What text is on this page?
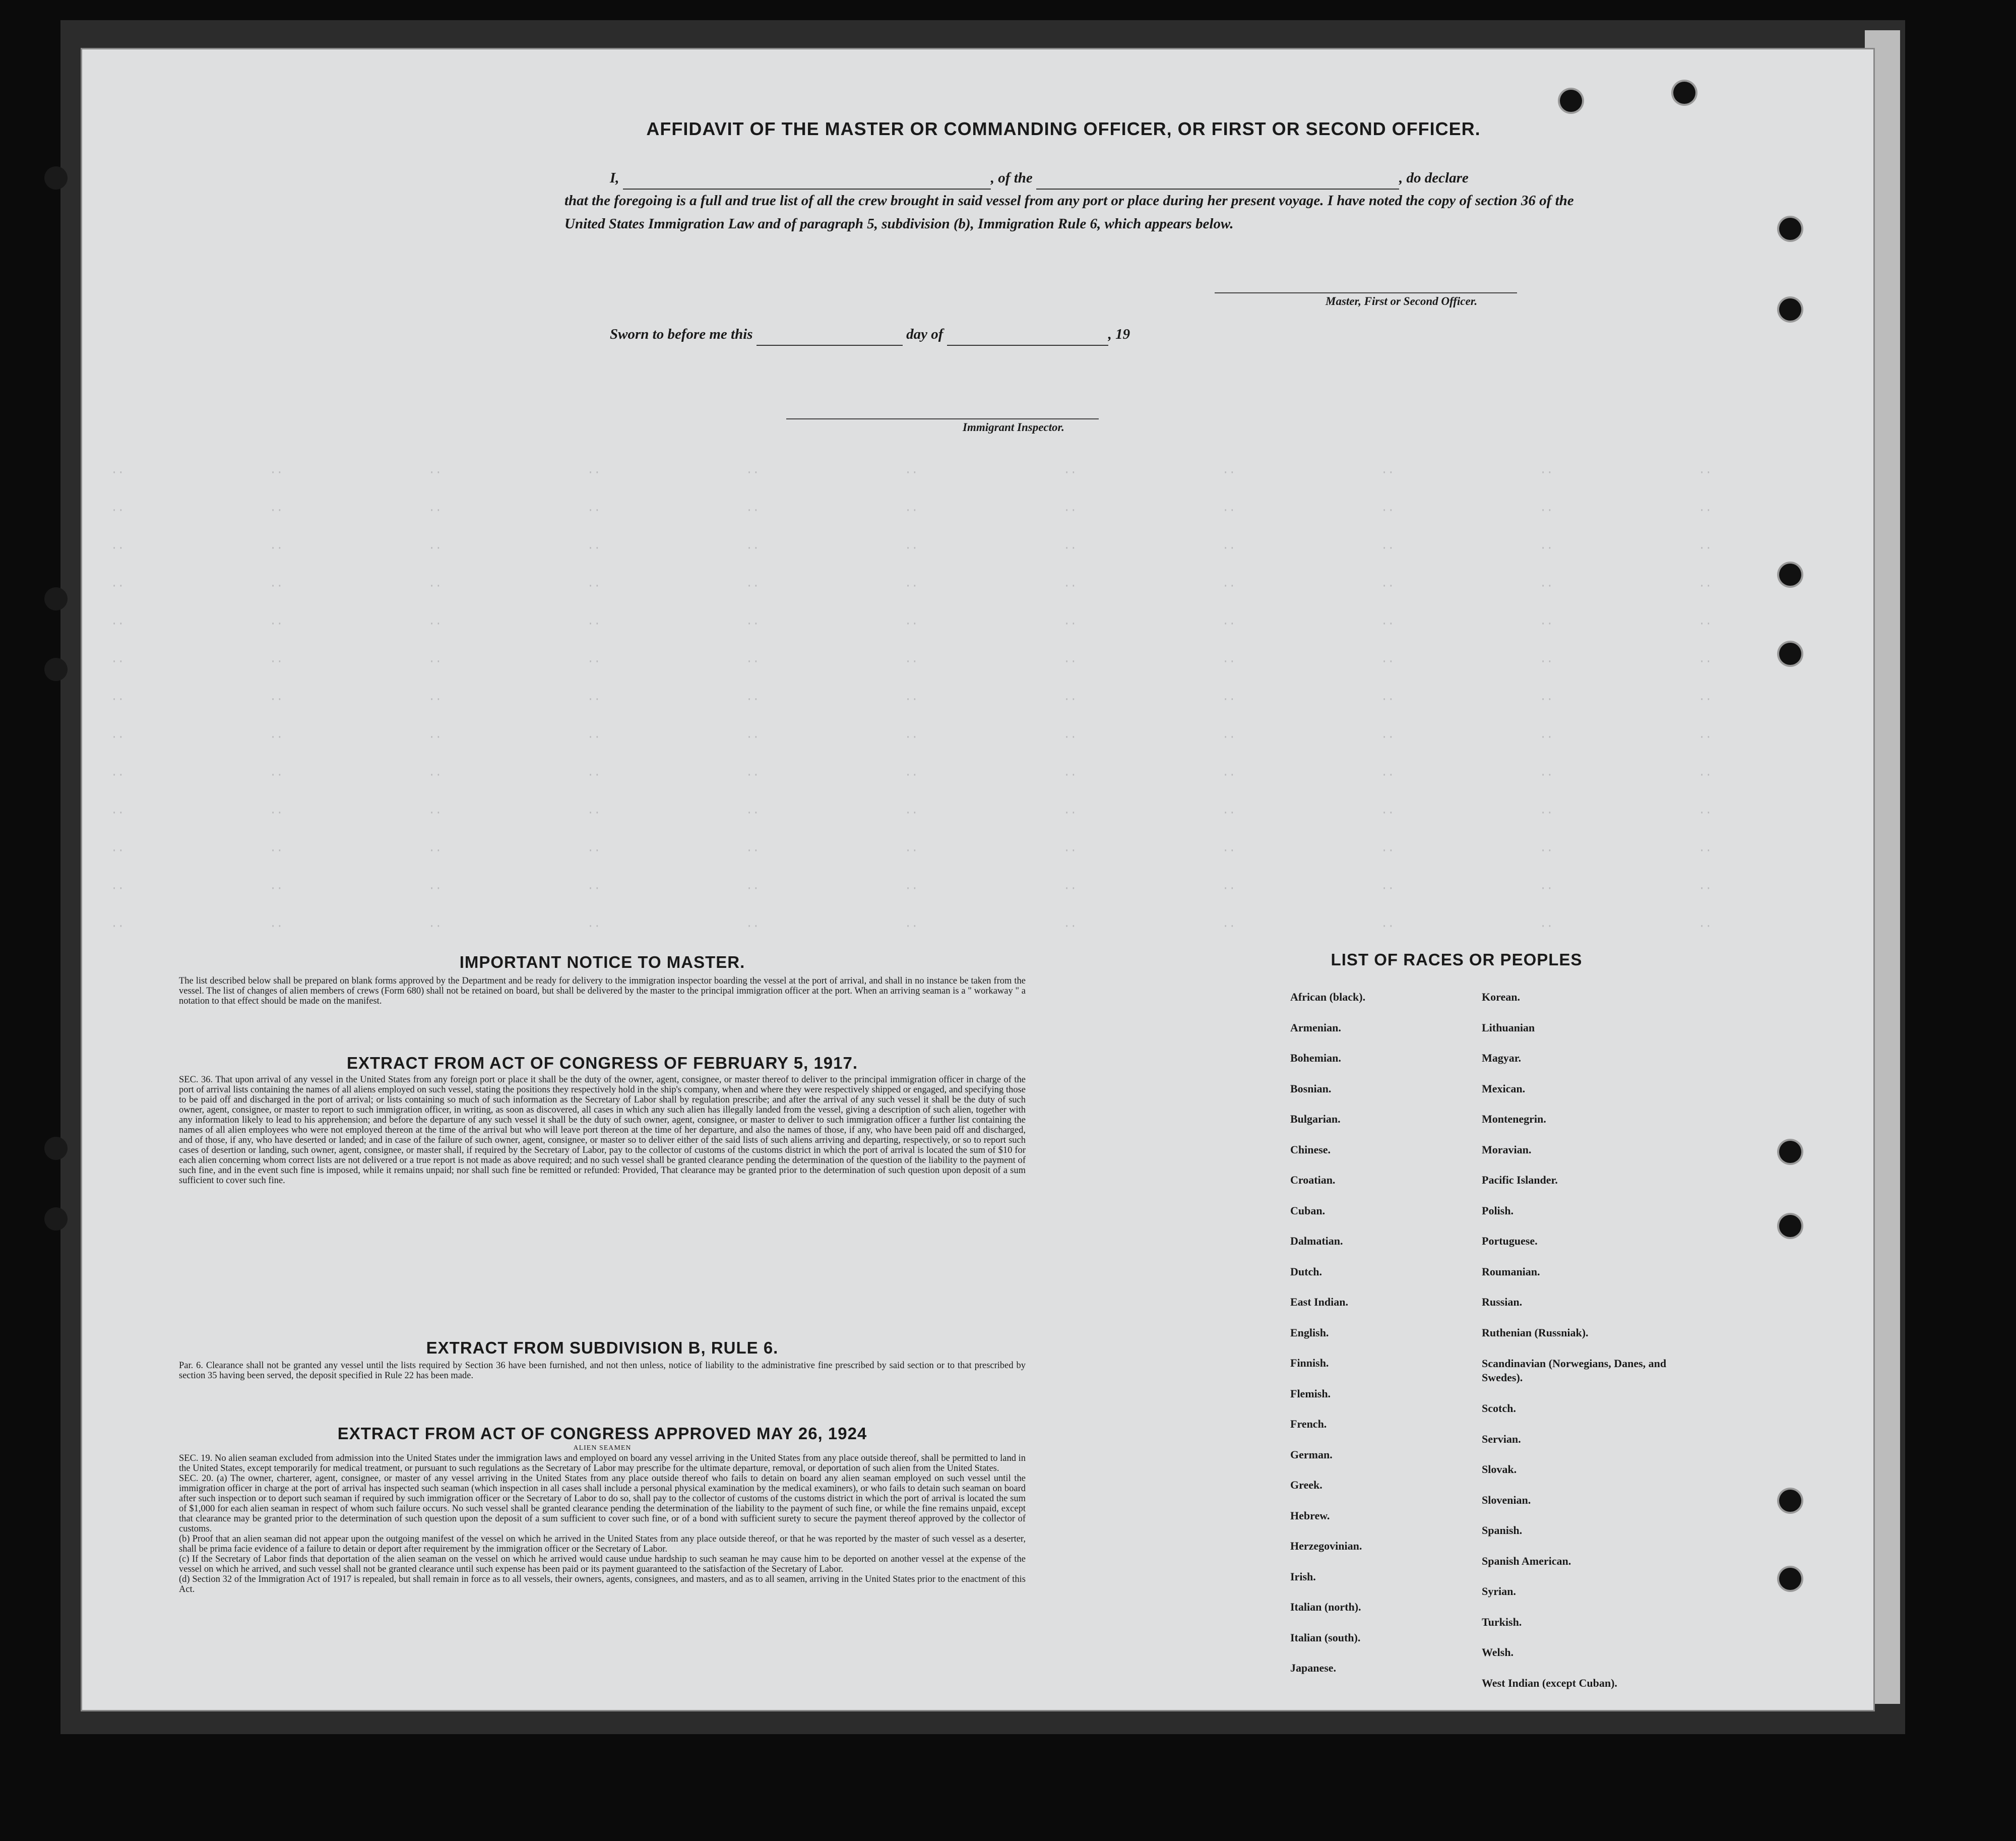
··	··	··	··	··	··	··	··	··	··	··
··	··	··	··	··	··	··	··	··	··	··
··	··	··	··	··	··	··	··	··	··	··
··	··	··	··	··	··	··	··	··	··	··
··	··	··	··	··	··	··	··	··	··	··
··	··	··	··	··	··	··	··	··	··	··
··	··	··	··	··	··	··	··	··	··	··
··	··	··	··	··	··	··	··	··	··	··
··	··	··	··	··	··	··	··	··	··	··
··	··	··	··	··	··	··	··	··	··	··
··	··	··	··	··	··	··	··	··	··	··
··	··	··	··	··	··	··	··	··	··	··
··	··	··	··	··	··	··	··	··	··	··
AFFIDAVIT OF THE MASTER OR COMMANDING OFFICER, OR FIRST OR SECOND OFFICER.
I,	, of the	, do declare
that the foregoing is a full and true list of all the crew brought in said vessel from any port or place during her present voyage. I have noted the copy of section 36 of the United States Immigration Law and of paragraph 5, subdivision (b), Immigration Rule 6, which appears below.
Master, First or Second Officer.
Sworn to before me this	day of	, 19
Immigrant Inspector.

IMPORTANT NOTICE TO MASTER.

The list described below shall be prepared on blank forms approved by the Department and be ready for delivery to the immigration inspector boarding the vessel at the port of arrival, and shall in no instance be taken from the vessel. The list of changes of alien members of crews (Form 680) shall not be retained on board, but shall be delivered by the master to the principal immigration officer at the port. When an arriving seaman is a " workaway " a notation to that effect should be made on the manifest.

EXTRACT FROM ACT OF CONGRESS OF FEBRUARY 5, 1917.

SEC. 36. That upon arrival of any vessel in the United States from any foreign port or place it shall be the duty of the owner, agent, consignee, or master thereof to deliver to the principal immigration officer in charge of the port of arrival lists containing the names of all aliens employed on such vessel, stating the positions they respectively hold in the ship's company, when and where they were respectively shipped or engaged, and specifying those to be paid off and discharged in the port of arrival; or lists containing so much of such information as the Secretary of Labor shall by regulation prescribe; and after the arrival of any such vessel it shall be the duty of such owner, agent, consignee, or master to report to such immigration officer, in writing, as soon as discovered, all cases in which any such alien has illegally landed from the vessel, giving a description of such alien, together with any information likely to lead to his apprehension; and before the departure of any such vessel it shall be the duty of such owner, agent, consignee, or master to deliver to such immigration officer a further list containing the names of all alien employees who were not employed thereon at the time of the arrival but who will leave port thereon at the time of her departure, and also the names of those, if any, who have been paid off and discharged, and of those, if any, who have deserted or landed; and in case of the failure of such owner, agent, consignee, or master so to deliver either of the said lists of such aliens arriving and departing, respectively, or so to report such cases of desertion or landing, such owner, agent, consignee, or master shall, if required by the Secretary of Labor, pay to the collector of customs of the customs district in which the port of arrival is located the sum of $10 for each alien concerning whom correct lists are not delivered or a true report is not made as above required; and no such vessel shall be granted clearance pending the determination of the question of the liability to the payment of such fine, and in the event such fine is imposed, while it remains unpaid; nor shall such fine be remitted or refunded: Provided, That clearance may be granted prior to the determination of such question upon deposit of a sum sufficient to cover such fine.

EXTRACT FROM SUBDIVISION B, RULE 6.

Par. 6. Clearance shall not be granted any vessel until the lists required by Section 36 have been furnished, and not then unless, notice of liability to the administrative fine prescribed by said section or to that prescribed by section 35 having been served, the deposit specified in Rule 22 has been made.

EXTRACT FROM ACT OF CONGRESS APPROVED MAY 26, 1924

ALIEN SEAMEN

SEC. 19. No alien seaman excluded from admission into the United States under the immigration laws and employed on board any vessel arriving in the United States from any place outside thereof, shall be permitted to land in the United States, except temporarily for medical treatment, or pursuant to such regulations as the Secretary of Labor may prescribe for the ultimate departure, removal, or deportation of such alien from the United States.

SEC. 20. (a) The owner, charterer, agent, consignee, or master of any vessel arriving in the United States from any place outside thereof who fails to detain on board any alien seaman employed on such vessel until the immigration officer in charge at the port of arrival has inspected such seaman (which inspection in all cases shall include a personal physical examination by the medical examiners), or who fails to detain such seaman on board after such inspection or to deport such seaman if required by such immigration officer or the Secretary of Labor to do so, shall pay to the collector of customs of the customs district in which the port of arrival is located the sum of $1,000 for each alien seaman in respect of whom such failure occurs. No such vessel shall be granted clearance pending the determination of the liability to the payment of such fine, or while the fine remains unpaid, except that clearance may be granted prior to the determination of such question upon the deposit of a sum sufficient to cover such fine, or of a bond with sufficient surety to secure the payment thereof approved by the collector of customs.

(b) Proof that an alien seaman did not appear upon the outgoing manifest of the vessel on which he arrived in the United States from any place outside thereof, or that he was reported by the master of such vessel as a deserter, shall be prima facie evidence of a failure to detain or deport after requirement by the immigration officer or the Secretary of Labor.

(c) If the Secretary of Labor finds that deportation of the alien seaman on the vessel on which he arrived would cause undue hardship to such seaman he may cause him to be deported on another vessel at the expense of the vessel on which he arrived, and such vessel shall not be granted clearance until such expense has been paid or its payment guaranteed to the satisfaction of the Secretary of Labor.

(d) Section 32 of the Immigration Act of 1917 is repealed, but shall remain in force as to all vessels, their owners, agents, consignees, and masters, and as to all seamen, arriving in the United States prior to the enactment of this Act.

LIST OF RACES OR PEOPLES
African (black).
Armenian.
Bohemian.
Bosnian.
Bulgarian.
Chinese.
Croatian.
Cuban.
Dalmatian.
Dutch.
East Indian.
English.
Finnish.
Flemish.
French.
German.
Greek.
Hebrew.
Herzegovinian.
Irish.
Italian (north).
Italian (south).
Japanese.
Korean.
Lithuanian
Magyar.
Mexican.
Montenegrin.
Moravian.
Pacific Islander.
Polish.
Portuguese.
Roumanian.
Russian.
Ruthenian (Russniak).
Scandinavian (Norwegians, Danes, and Swedes).
Scotch.
Servian.
Slovak.
Slovenian.
Spanish.
Spanish American.
Syrian.
Turkish.
Welsh.
West Indian (except Cuban).
